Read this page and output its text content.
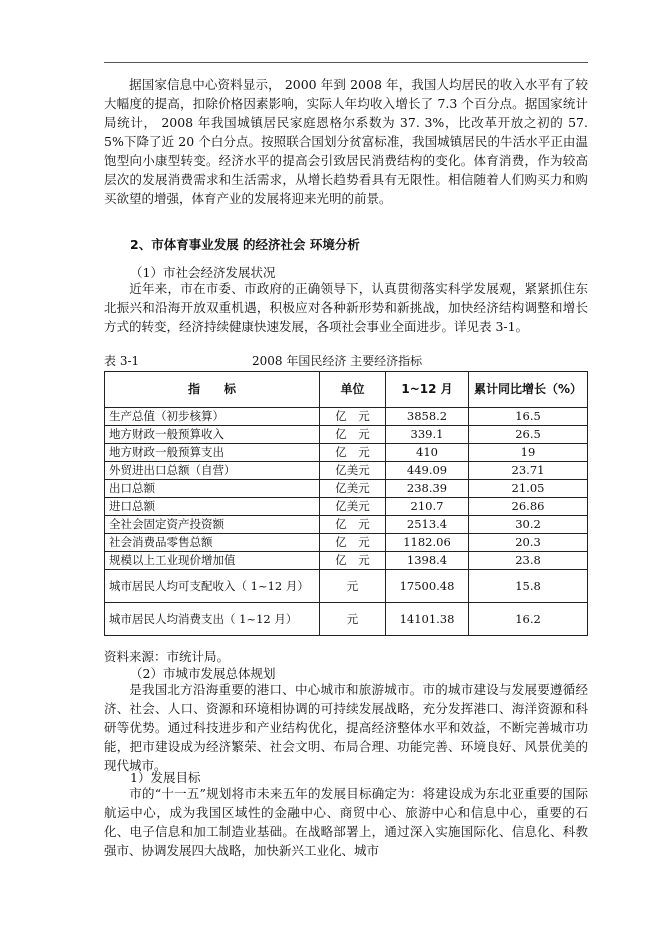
据国家信息中心资料显示， 2000 年到 2008 年，我国人均居民的收入水平有了较大幅度的提高，扣除价格因素影响，实际人年均收入增长了 7.3 个百分点。据国家统计局统计， 2008 年我国城镇居民家庭恩格尔系数为 37. 3%，比改革开放之初的 57. 5%下降了近 20 个白分点。按照联合国划分贫富标准，我国城镇居民的牛活水平正由温饱型向小康型转变。经济水平的提高会引致居民消费结构的变化。体育消费，作为较高层次的发展消费需求和生活需求，从增长趋势看具有无限性。相信随着人们购买力和购买欲望的增强，体育产业的发展将迎来光明的前景。

2、市体育事业发展 的经济社会 环境分析
（1）市社会经济发展状况

近年来，市在市委、市政府的正确领导下，认真贯彻落实科学发展观，紧紧抓住东北振兴和沿海开放双重机遇，积极应对各种新形势和新挑战，加快经济结构调整和增长方式的转变，经济持续健康快速发展，各项社会事业全面进步。详见表 3-1。

表 3-1	2008 年国民经济 主要经济指标
指　　标	单位	1~12 月	累计同比增长（%）
生产总值（初步核算）	亿　元	3858.2	16.5
地方财政一般预算收入	亿　元	339.1	26.5
地方财政一般预算支出	亿　元	410	19
外贸进出口总额（自营）	亿美元	449.09	23.71
出口总额	亿美元	238.39	21.05
进口总额	亿美元	210.7	26.86
全社会固定资产投资额	亿　元	2513.4	30.2
社会消费品零售总额	亿　元	1182.06	20.3
规模以上工业现价增加值	亿　元	1398.4	23.8
城市居民人均可支配收入（ 1~12 月）	元	17500.48	15.8
城市居民人均消费支出（ 1~12 月）	元	14101.38	16.2
资料来源：市统计局。
（2）市城市发展总体规划

是我国北方沿海重要的港口、中心城市和旅游城市。市的城市建设与发展要遵循经济、社会、人口、资源和环境相协调的可持续发展战略，充分发挥港口、海洋资源和科研等优势。通过科技进步和产业结构优化，提高经济整体水平和效益，不断完善城市功能，把市建设成为经济繁荣、社会文明、布局合理、功能完善、环境良好、风景优美的现代城市。

1）发展目标

市的“十一五”规划将市未来五年的发展目标确定为：将建设成为东北亚重要的国际航运中心，成为我国区域性的金融中心、商贸中心、旅游中心和信息中心，重要的石化、电子信息和加工制造业基础。在战略部署上，通过深入实施国际化、信息化、科教强市、协调发展四大战略，加快新兴工业化、城市
